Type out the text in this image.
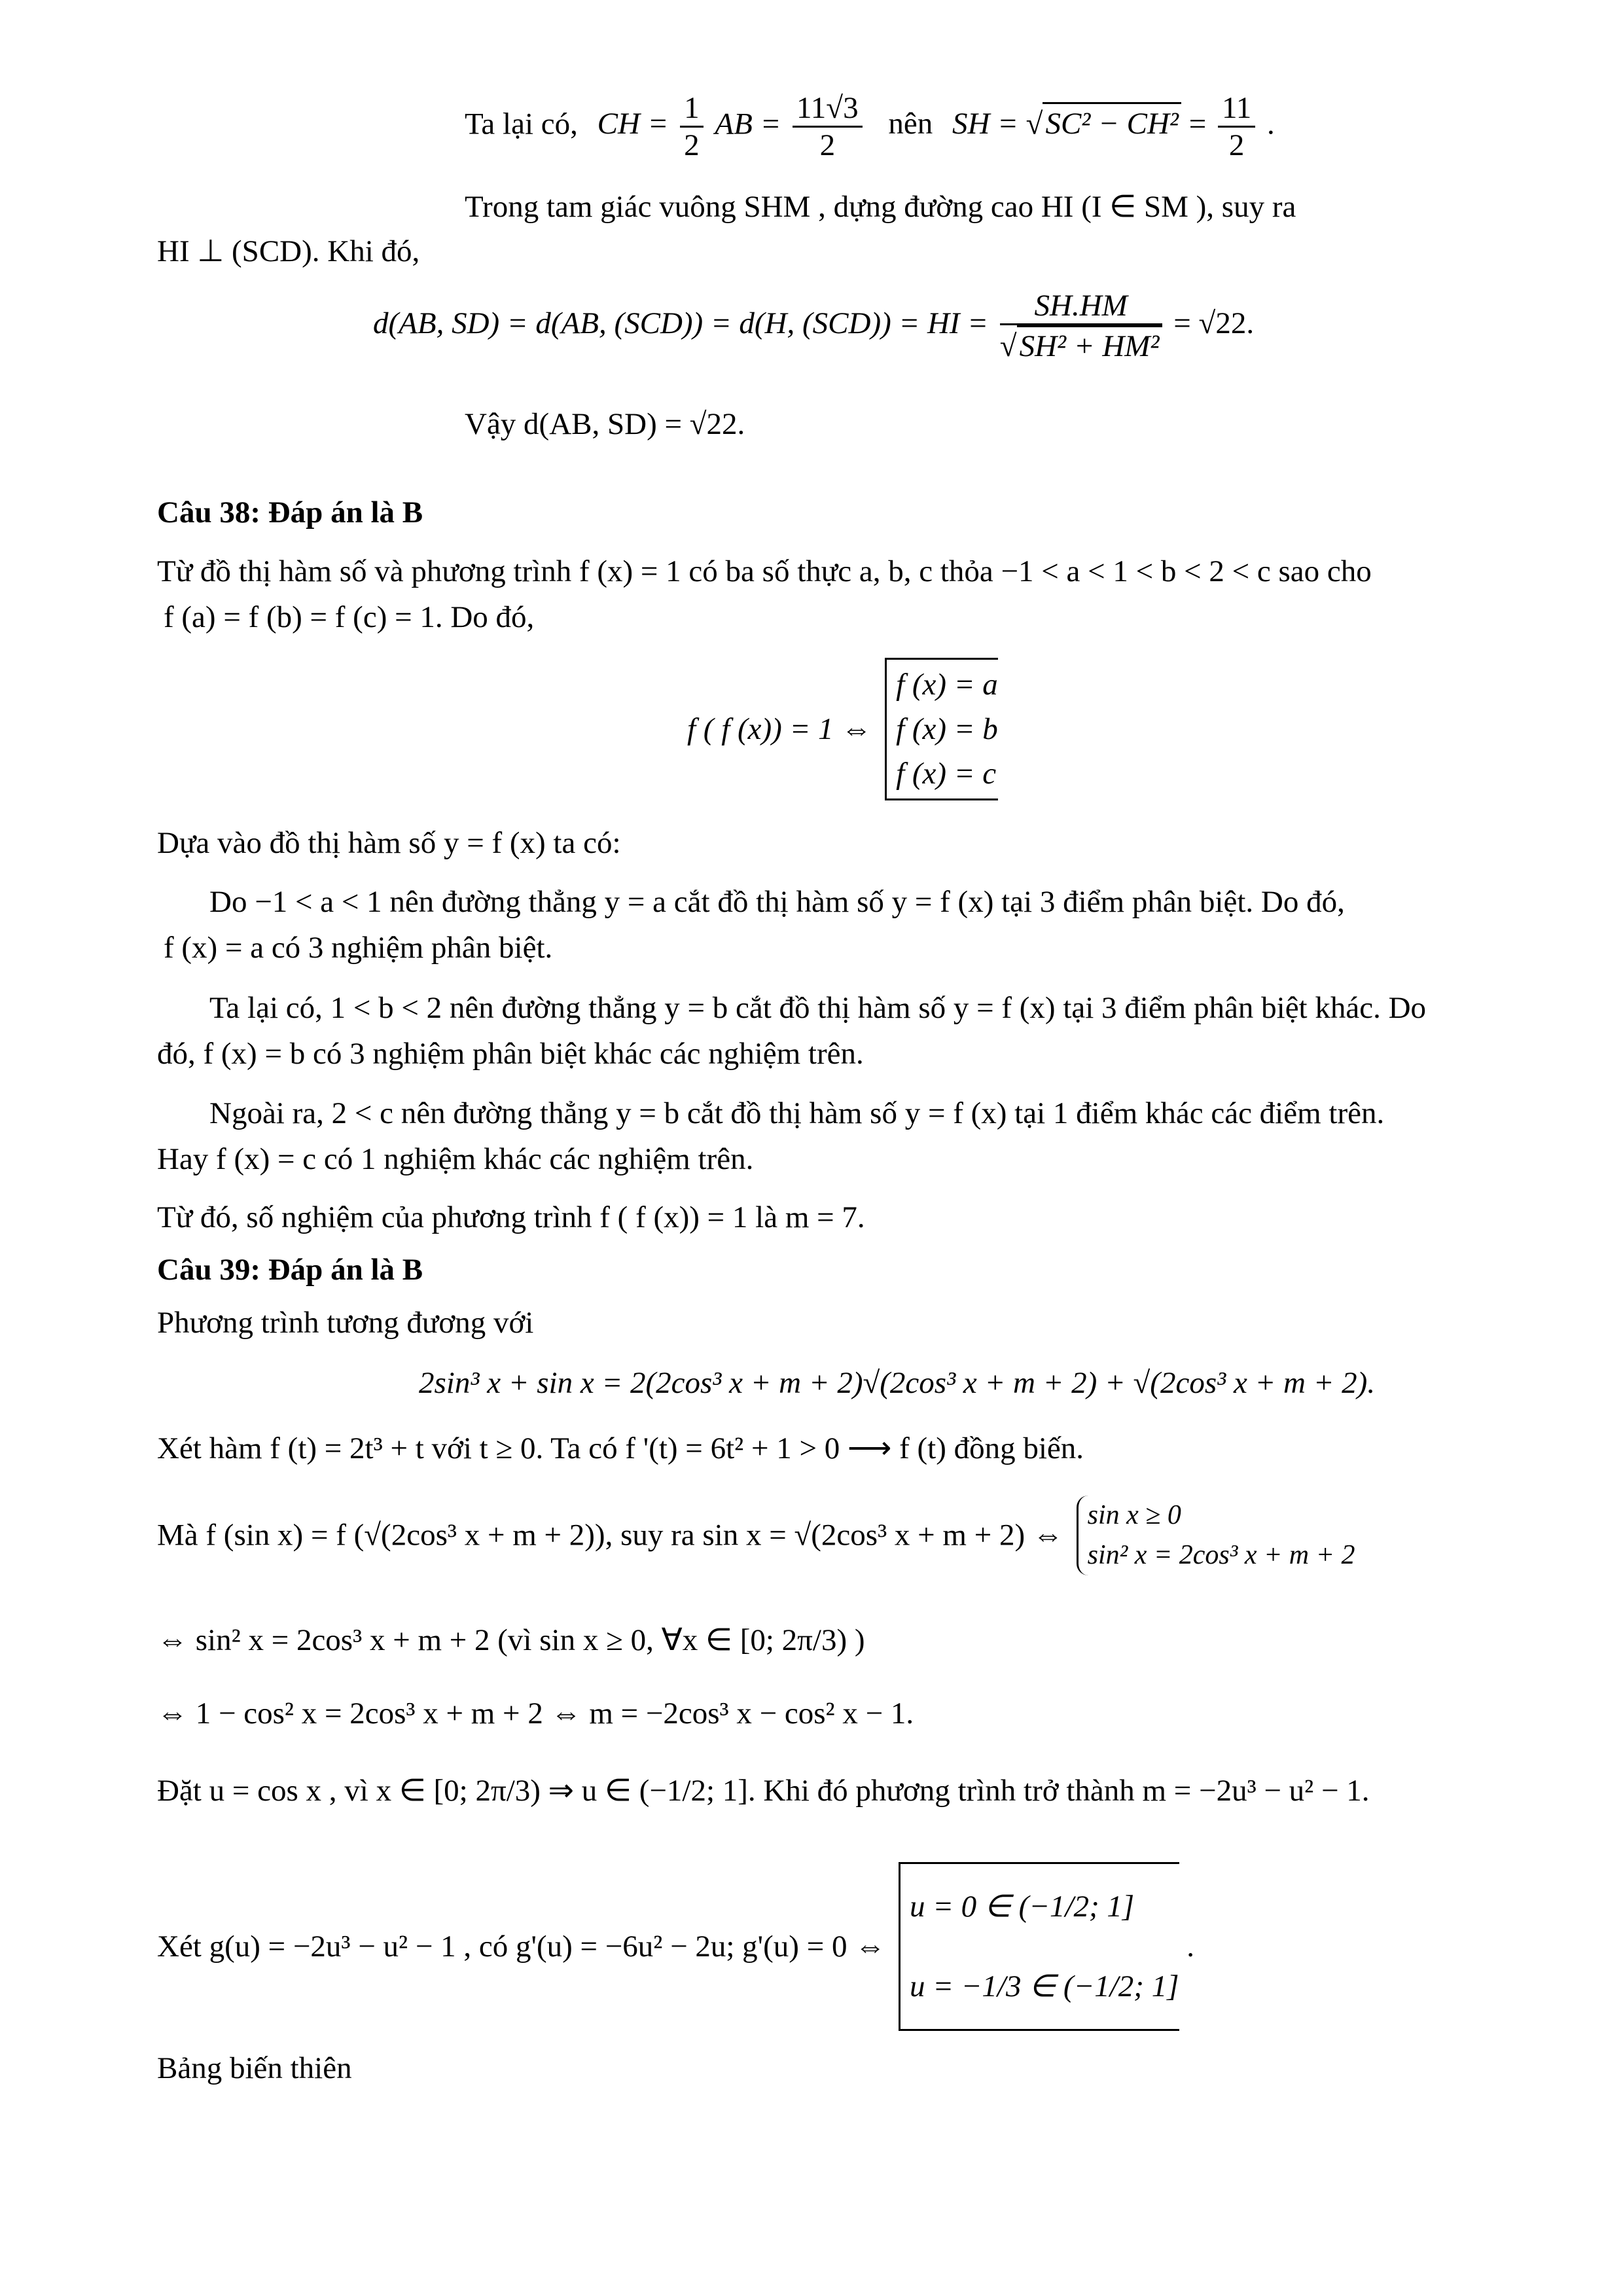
Ta lại có, CH = $\frac{1}{2}$ AB = $\frac{11√3}{2}$ nên SH = $√SC^2 - CH^2 = \frac{11}{2}$ .
Trong tam giác vuông SHM , dựng đường cao HI (I ∈ SM ), suy ra
HI ⊥ (SCD). Khi đó,
d(AB, SD) = d(AB, (SCD)) = d(H, (SCD)) = HI = $\frac{SH.HM}{\text{√SH² + HM²}} = √22$.
Vậy d(AB, SD) = √22.
Câu 38: Đáp án là B
Từ đồ thị hàm số và phương trình f (x) = 1 có ba số thực a, b, c thỏa −1 < a < 1 < b < 2 < c sao cho
f (a) = f (b) = f (c) = 1. Do đó,
f ( f (x)) = 1 ⇔
f (x) = a
f (x) = b
f (x) = c
Dựa vào đồ thị hàm số y = f (x) ta có:
Do −1 < a < 1 nên đường thẳng y = a cắt đồ thị hàm số y = f (x) tại 3 điểm phân biệt. Do đó,
f (x) = a có 3 nghiệm phân biệt.
Ta lại có, 1 < b < 2 nên đường thẳng y = b cắt đồ thị hàm số y = f (x) tại 3 điểm phân biệt khác. Do
đó, f (x) = b có 3 nghiệm phân biệt khác các nghiệm trên.
Ngoài ra, 2 < c nên đường thẳng y = b cắt đồ thị hàm số y = f (x) tại 1 điểm khác các điểm trên.
Hay f (x) = c có 1 nghiệm khác các nghiệm trên.
Từ đó, số nghiệm của phương trình f ( f (x)) = 1 là m = 7.
Câu 39: Đáp án là B
Phương trình tương đương với
2sin³ x + sin x = 2(2cos³ x + m + 2)√(2cos³ x + m + 2) + √(2cos³ x + m + 2).
Xét hàm f (t) = 2t³ + t với t ≥ 0. Ta có f '(t) = 6t² + 1 > 0 ⟶ f (t) đồng biến.
Mà f (sin x) = f (√(2cos³ x + m + 2)), suy ra sin x = √(2cos³ x + m + 2) ⇔
sin x ≥ 0
sin² x = 2cos³ x + m + 2
⇔ sin² x = 2cos³ x + m + 2 (vì sin x ≥ 0, ∀x ∈ [0; 2π/3) )
⇔ 1 − cos² x = 2cos³ x + m + 2 ⇔ m = −2cos³ x − cos² x − 1.
Đặt u = cos x , vì x ∈ [0; 2π/3) ⇒ u ∈ (−1/2; 1]. Khi đó phương trình trở thành m = −2u³ − u² − 1.
Xét g(u) = −2u³ − u² − 1 , có g'(u) = −6u² − 2u; g'(u) = 0 ⇔
u = 0 ∈ (−1/2; 1]
u = −1/3 ∈ (−1/2; 1]
.
Bảng biến thiên
